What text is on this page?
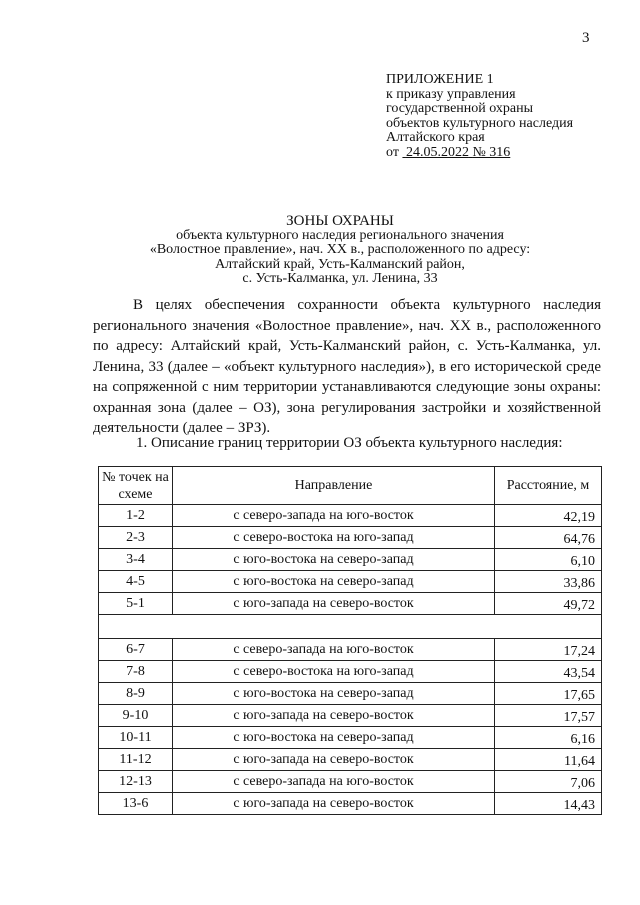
3
ПРИЛОЖЕНИЕ 1
к приказу управления
государственной охраны
объектов культурного наследия
Алтайского края
от 24.05.2022 № 316
ЗОНЫ ОХРАНЫ
объекта культурного наследия регионального значения
«Волостное правление», нач. XX в., расположенного по адресу:
Алтайский край, Усть-Калманский район,
с. Усть-Калманка, ул. Ленина, 33
В целях обеспечения сохранности объекта культурного наследия регионального значения «Волостное правление», нач. XX в., расположенного по адресу: Алтайский край, Усть-Калманский район, с. Усть-Калманка, ул. Ленина, 33 (далее – «объект культурного наследия»), в его исторической среде на сопряженной с ним территории устанавливаются следующие зоны охраны: охранная зона (далее – ОЗ), зона регулирования застройки и хозяйственной деятельности (далее – ЗРЗ).
1. Описание границ территории ОЗ объекта культурного наследия:
№ точек на схеме	Направление	Расстояние, м
1-2	с северо-запада на юго-восток	42,19
2-3	с северо-востока на юго-запад	64,76
3-4	с юго-востока на северо-запад	6,10
4-5	с юго-востока на северо-запад	33,86
5-1	с юго-запада на северо-восток	49,72

6-7	с северо-запада на юго-восток	17,24
7-8	с северо-востока на юго-запад	43,54
8-9	с юго-востока на северо-запад	17,65
9-10	с юго-запада на северо-восток	17,57
10-11	с юго-востока на северо-запад	6,16
11-12	с юго-запада на северо-восток	11,64
12-13	с северо-запада на юго-восток	7,06
13-6	с юго-запада на северо-восток	14,43
